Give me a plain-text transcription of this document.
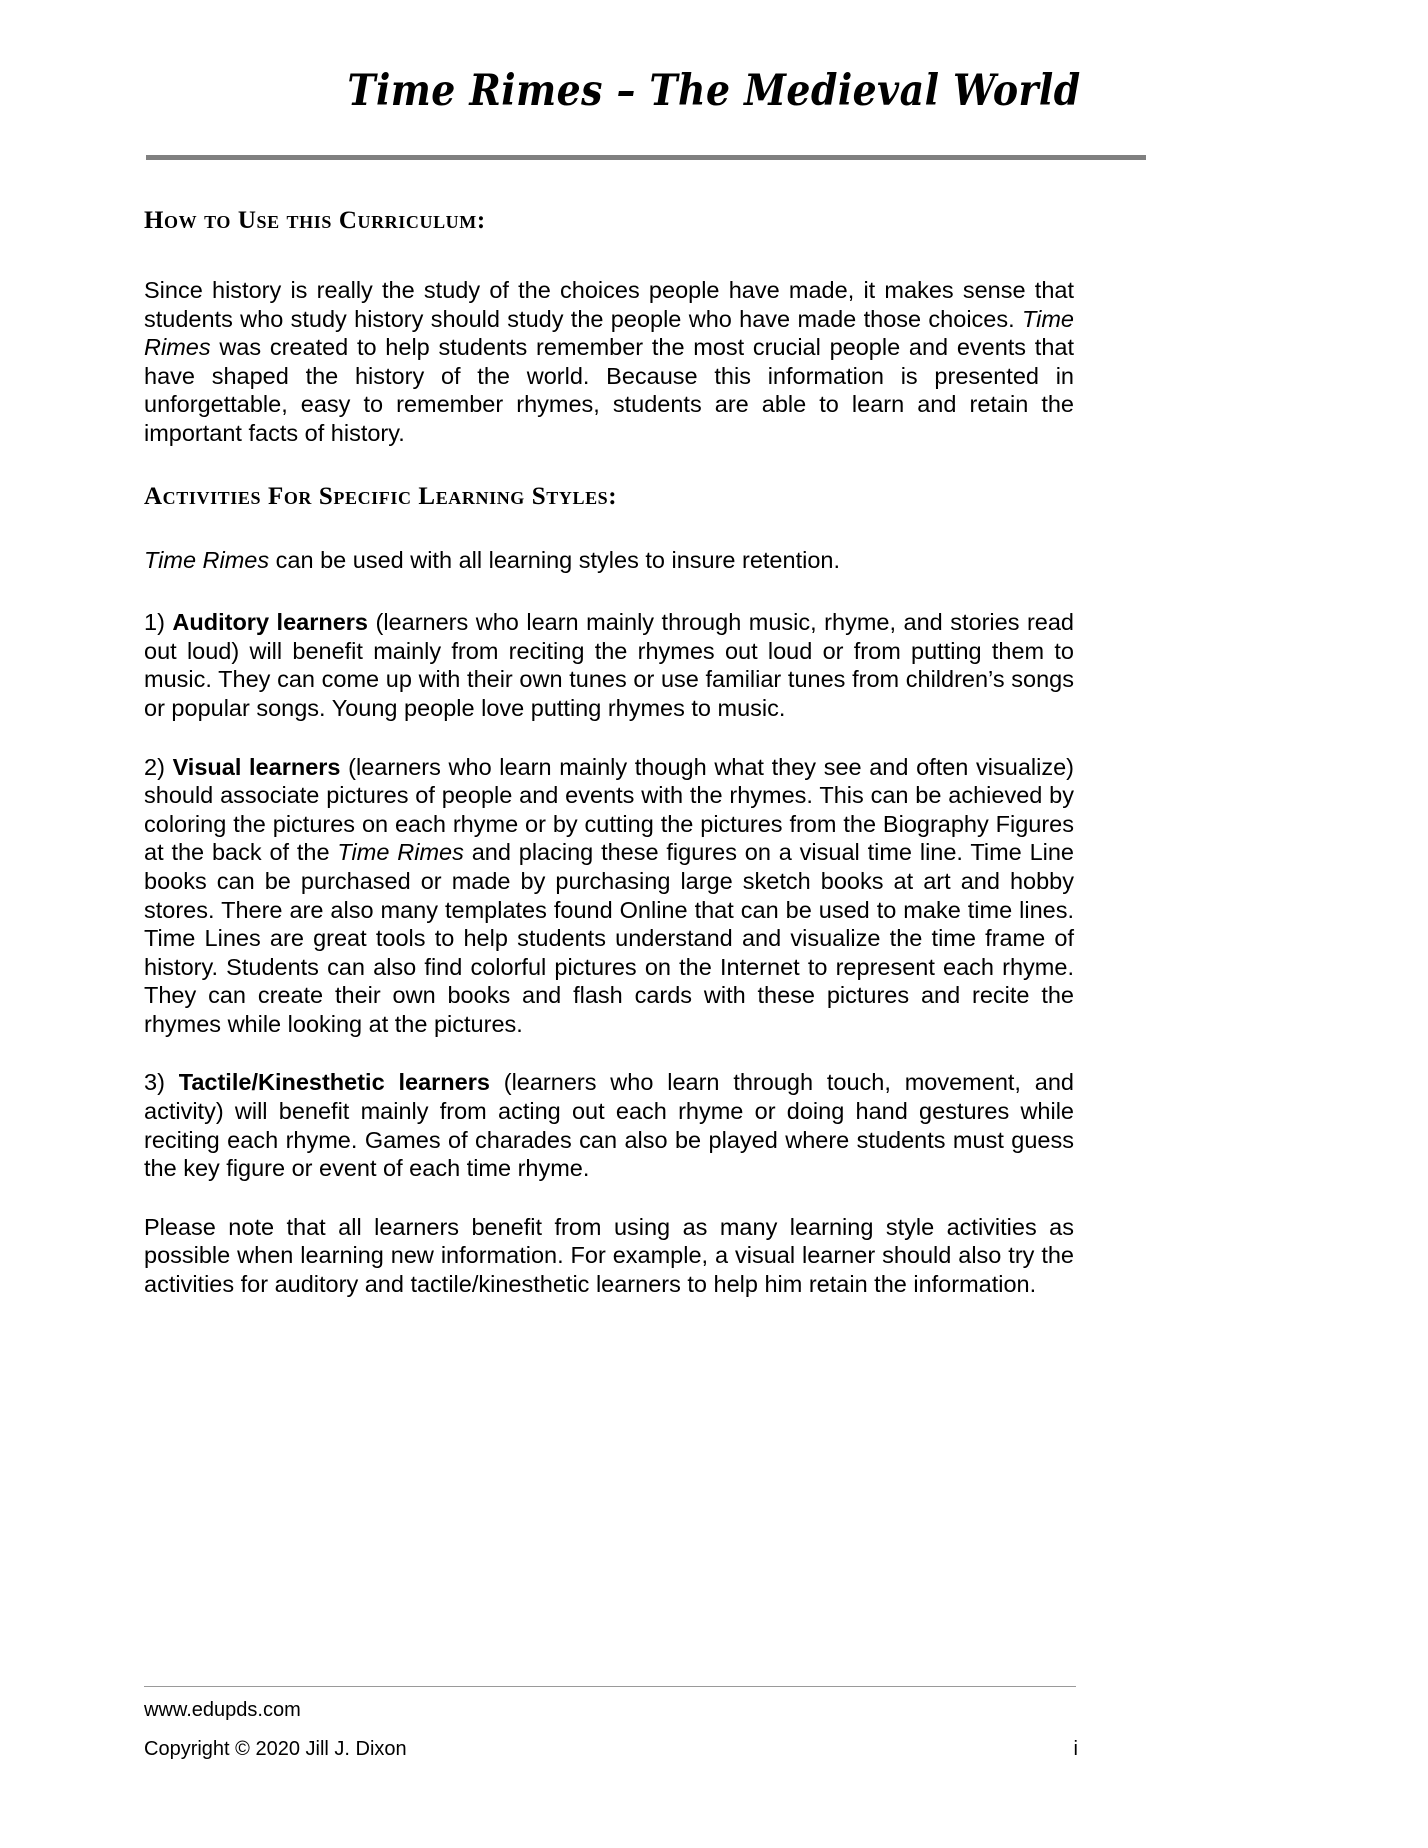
Time Rimes – The Medieval World
How to Use this Curriculum:

Since history is really the study of the choices people have made, it makes sense that students who study history should study the people who have made those choices. Time Rimes was created to help students remember the most crucial people and events that have shaped the history of the world. Because this information is presented in unforgettable, easy to remember rhymes, students are able to learn and retain the important facts of history.

Activities For Specific Learning Styles:

Time Rimes can be used with all learning styles to insure retention.

1) Auditory learners (learners who learn mainly through music, rhyme, and stories read out loud) will benefit mainly from reciting the rhymes out loud or from putting them to music. They can come up with their own tunes or use familiar tunes from children’s songs or popular songs. Young people love putting rhymes to music.

2) Visual learners (learners who learn mainly though what they see and often visualize) should associate pictures of people and events with the rhymes. This can be achieved by coloring the pictures on each rhyme or by cutting the pictures from the Biography Figures at the back of the Time Rimes and placing these figures on a visual time line. Time Line books can be purchased or made by purchasing large sketch books at art and hobby stores. There are also many templates found Online that can be used to make time lines. Time Lines are great tools to help students understand and visualize the time frame of history. Students can also find colorful pictures on the Internet to represent each rhyme. They can create their own books and flash cards with these pictures and recite the rhymes while looking at the pictures.

3) Tactile/Kinesthetic learners (learners who learn through touch, movement, and activity) will benefit mainly from acting out each rhyme or doing hand gestures while reciting each rhyme. Games of charades can also be played where students must guess the key figure or event of each time rhyme.

Please note that all learners benefit from using as many learning style activities as possible when learning new information. For example, a visual learner should also try the activities for auditory and tactile/kinesthetic learners to help him retain the information.

www.edupds.com
Copyright © 2020 Jill J. Dixon	i
